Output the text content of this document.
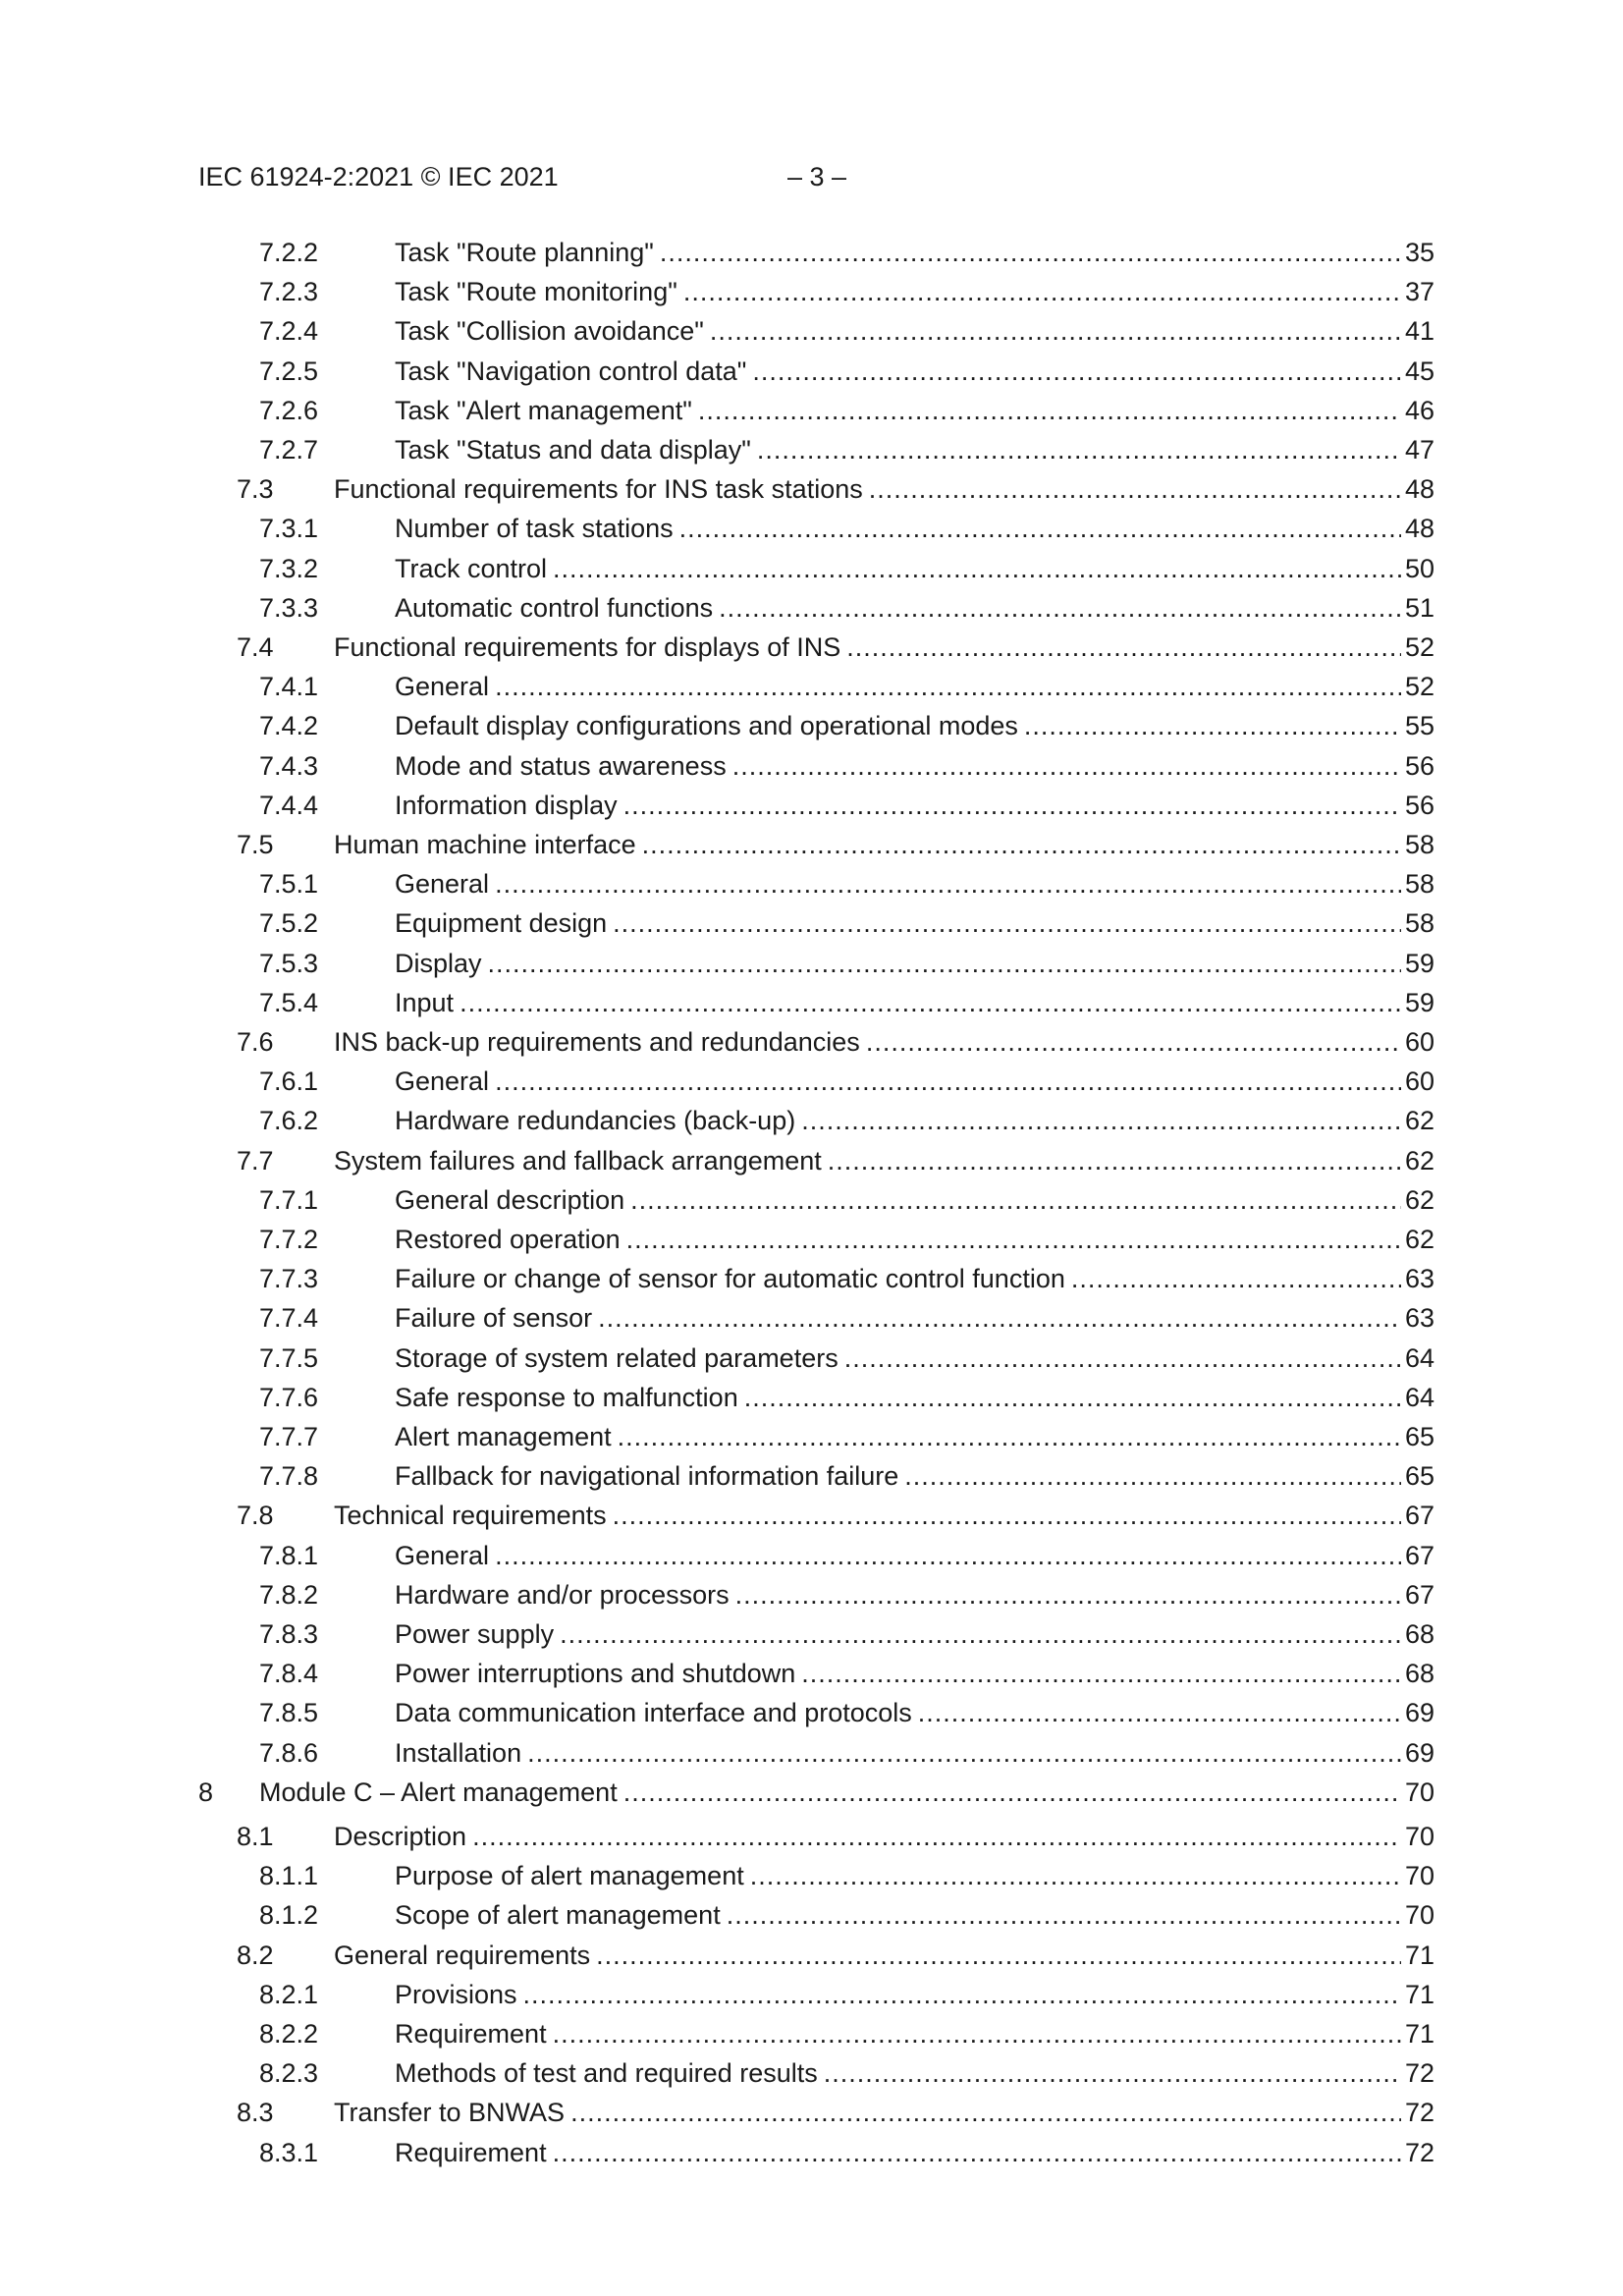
IEC 61924-2:2021 © IEC 2021	– 3 –
7.2.2	Task "Route planning" .....	35
7.2.3	Task "Route monitoring" .....	37
7.2.4	Task "Collision avoidance" .....	41
7.2.5	Task "Navigation control data" .....	45
7.2.6	Task "Alert management" .....	46
7.2.7	Task "Status and data display" .....	47
7.3 Functional requirements for INS task stations .....	48
7.3.1	Number of task stations .....	48
7.3.2	Track control .....	50
7.3.3	Automatic control functions .....	51
7.4 Functional requirements for displays of INS .....	52
7.4.1	General .....	52
7.4.2	Default display configurations and operational modes .....	55
7.4.3	Mode and status awareness .....	56
7.4.4	Information display .....	56
7.5 Human machine interface .....	58
7.5.1	General .....	58
7.5.2	Equipment design .....	58
7.5.3	Display .....	59
7.5.4	Input .....	59
7.6 INS back-up requirements and redundancies .....	60
7.6.1	General .....	60
7.6.2	Hardware redundancies (back-up) .....	62
7.7 System failures and fallback arrangement .....	62
7.7.1	General description .....	62
7.7.2	Restored operation .....	62
7.7.3	Failure or change of sensor for automatic control function .....	63
7.7.4	Failure of sensor .....	63
7.7.5	Storage of system related parameters .....	64
7.7.6	Safe response to malfunction .....	64
7.7.7	Alert management .....	65
7.7.8	Fallback for navigational information failure .....	65
7.8 Technical requirements .....	67
7.8.1	General .....	67
7.8.2	Hardware and/or processors .....	67
7.8.3	Power supply .....	68
7.8.4	Power interruptions and shutdown .....	68
7.8.5	Data communication interface and protocols .....	69
7.8.6	Installation .....	69
8 Module C – Alert management .....	70
8.1 Description .....	70
8.1.1	Purpose of alert management .....	70
8.1.2	Scope of alert management .....	70
8.2 General requirements .....	71
8.2.1	Provisions .....	71
8.2.2	Requirement .....	71
8.2.3	Methods of test and required results .....	72
8.3 Transfer to BNWAS .....	72
8.3.1	Requirement .....	72
